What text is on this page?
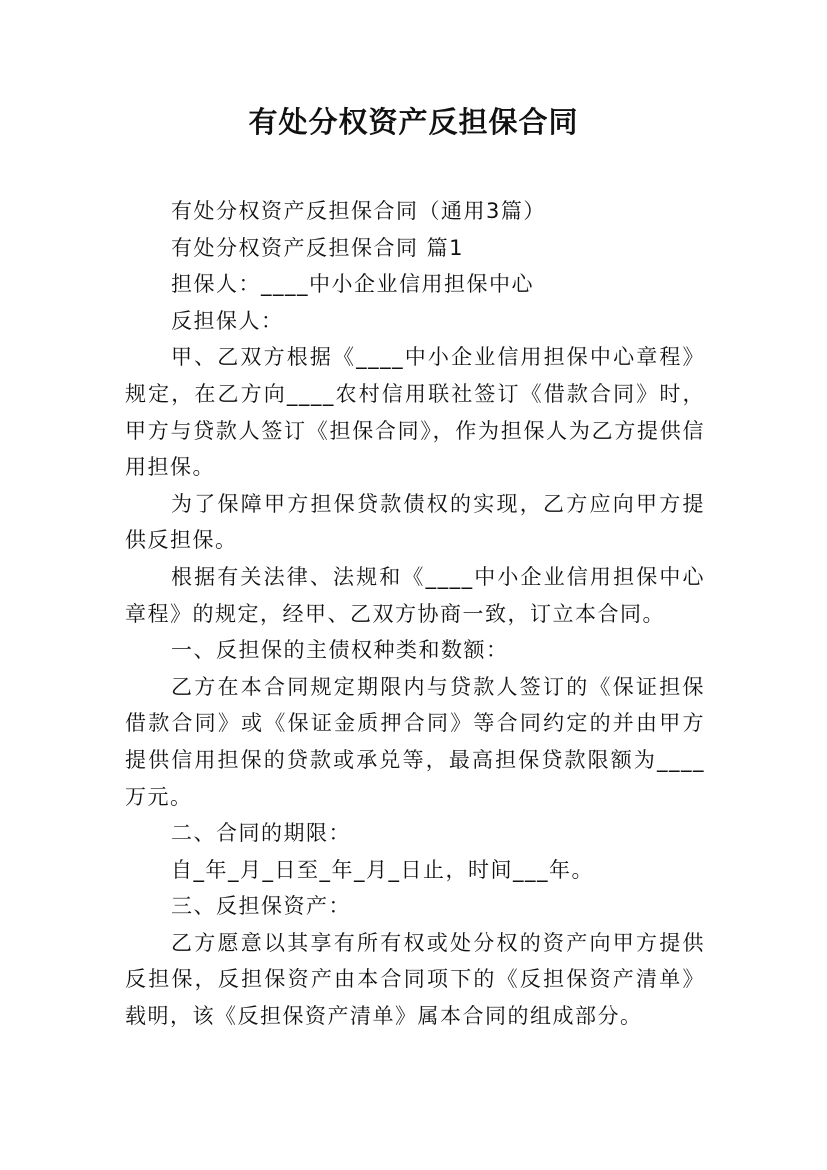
有处分权资产反担保合同

有处分权资产反担保合同（通用3篇）

有处分权资产反担保合同 篇1

担保人：____中小企业信用担保中心

反担保人：

甲、乙双方根据《____中小企业信用担保中心章程》规定，在乙方向____农村信用联社签订《借款合同》时，甲方与贷款人签订《担保合同》，作为担保人为乙方提供信用担保。

为了保障甲方担保贷款债权的实现，乙方应向甲方提供反担保。

根据有关法律、法规和《____中小企业信用担保中心章程》的规定，经甲、乙双方协商一致，订立本合同。

一、反担保的主债权种类和数额：

乙方在本合同规定期限内与贷款人签订的《保证担保借款合同》或《保证金质押合同》等合同约定的并由甲方提供信用担保的贷款或承兑等，最高担保贷款限额为____万元。

二、合同的期限：

自_年_月_日至_年_月_日止，时间___年。

三、反担保资产：

乙方愿意以其享有所有权或处分权的资产向甲方提供反担保，反担保资产由本合同项下的《反担保资产清单》载明，该《反担保资产清单》属本合同的组成部分。
